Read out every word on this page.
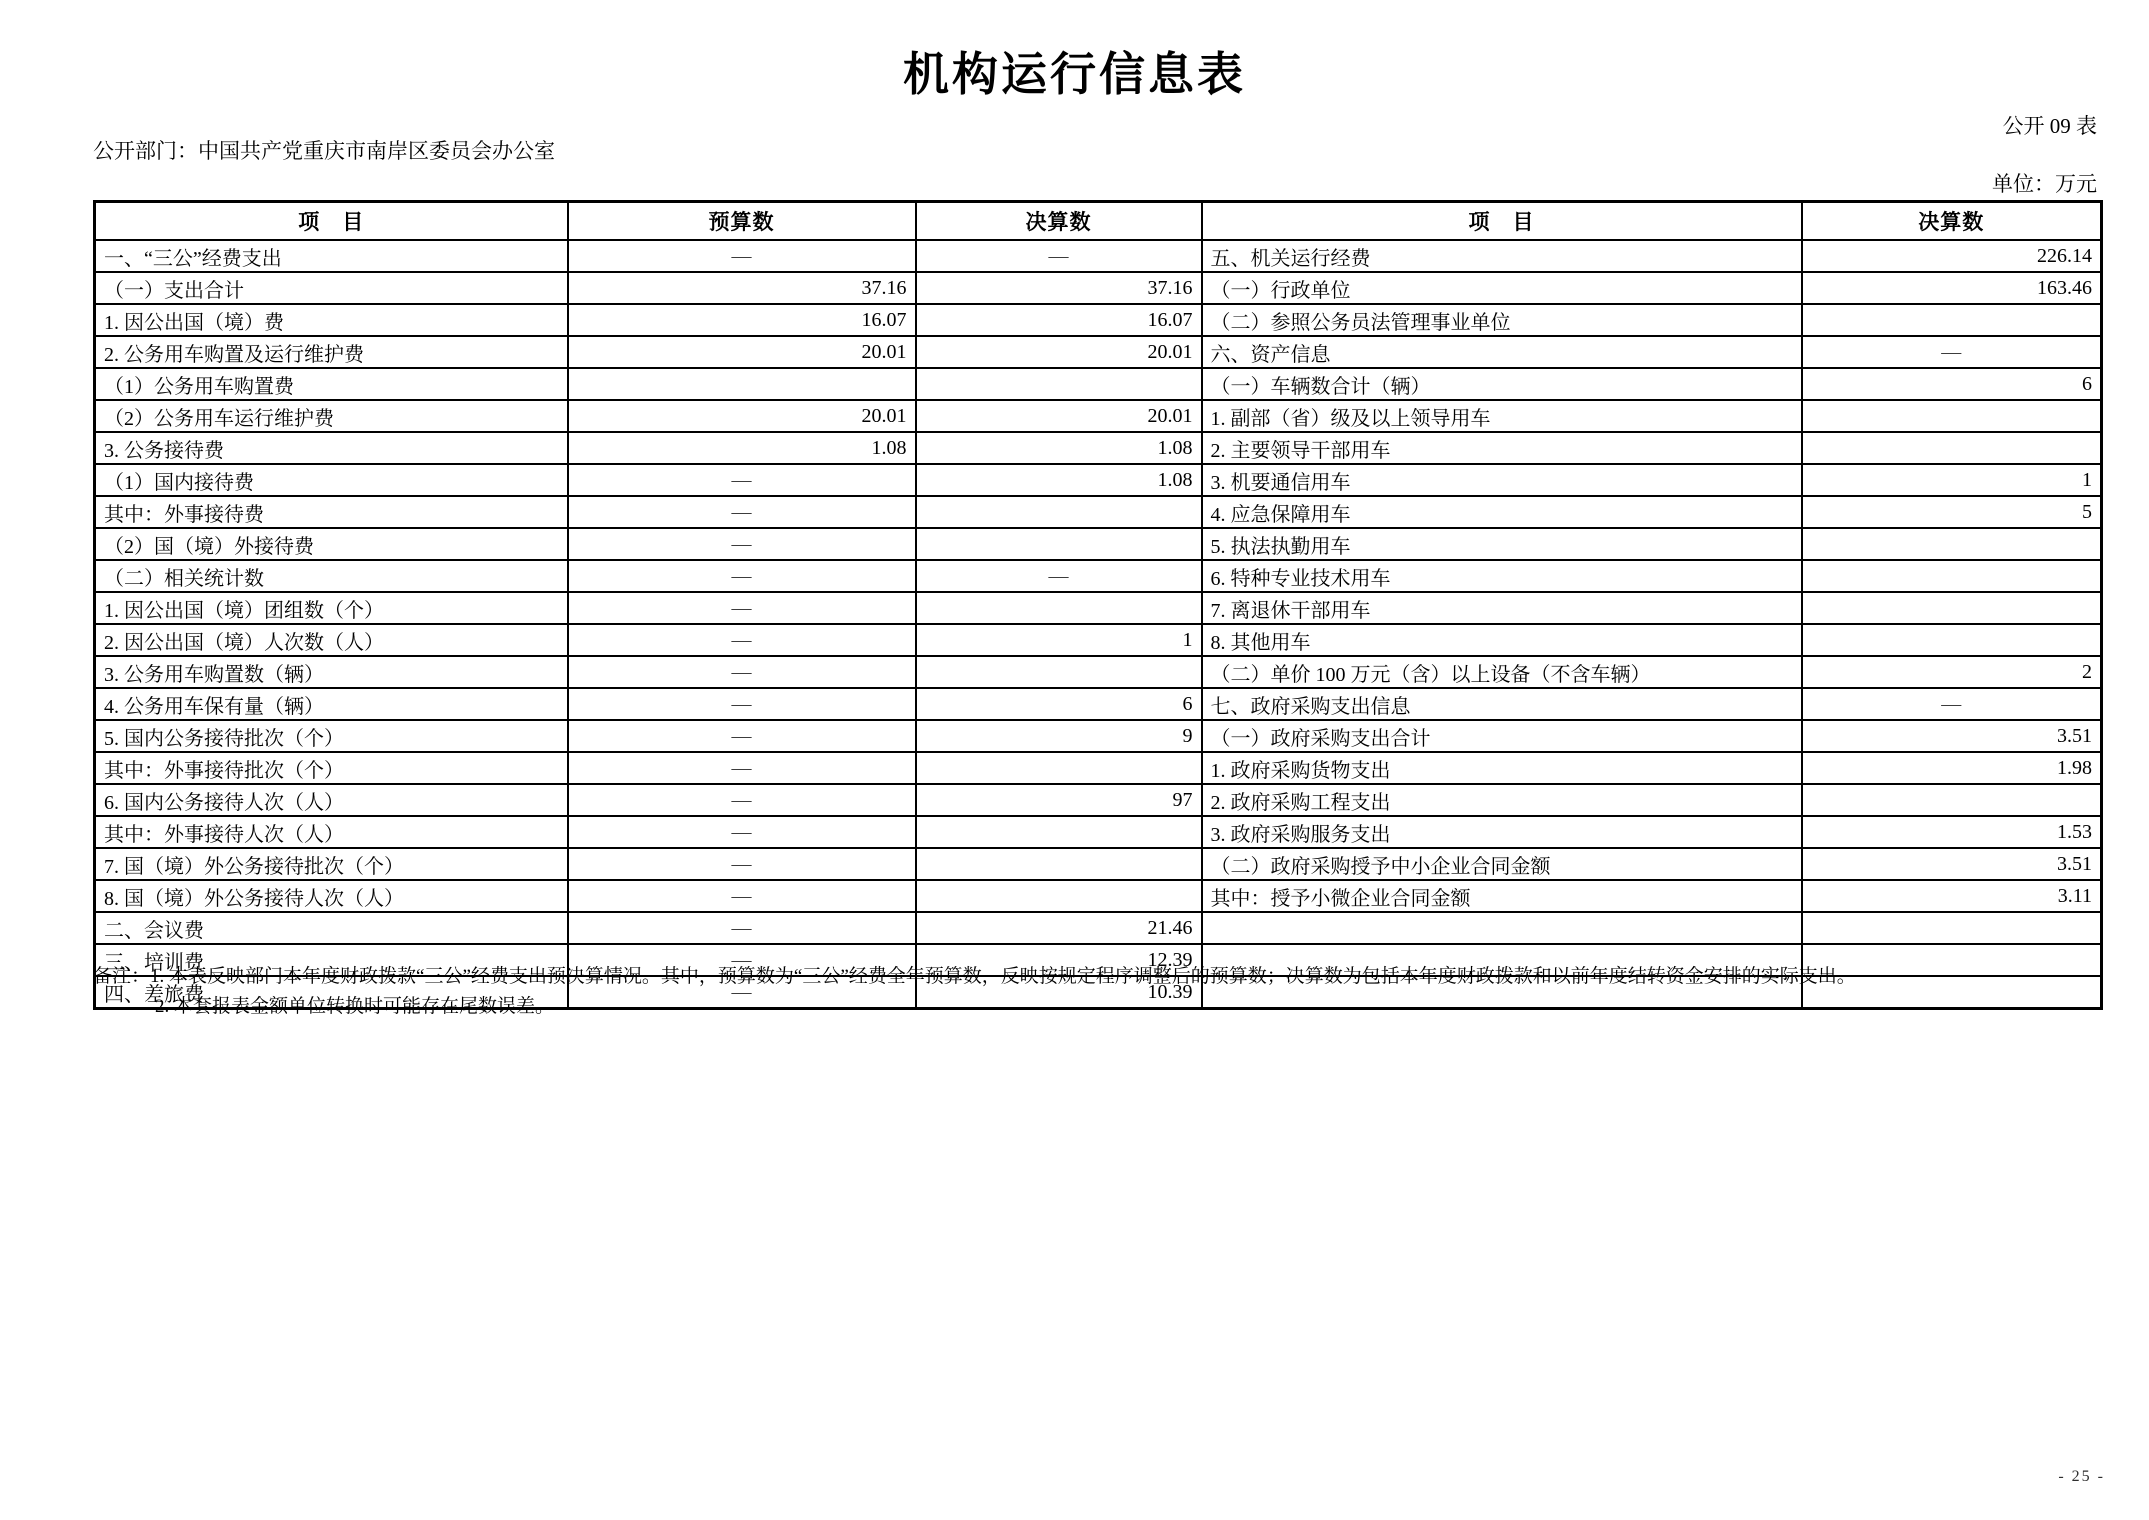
机构运行信息表
公开 09 表
公开部门：中国共产党重庆市南岸区委员会办公室
单位：万元
项　目	预算数	决算数	项　目	决算数
一、“三公”经费支出	—	—	五、机关运行经费	226.14
（一）支出合计	37.16	37.16	（一）行政单位	163.46
1. 因公出国（境）费	16.07	16.07	（二）参照公务员法管理事业单位	
2. 公务用车购置及运行维护费	20.01	20.01	六、资产信息	—
（1）公务用车购置费			（一）车辆数合计（辆）	6
（2）公务用车运行维护费	20.01	20.01	1. 副部（省）级及以上领导用车	
3. 公务接待费	1.08	1.08	2. 主要领导干部用车	
（1）国内接待费	—	1.08	3. 机要通信用车	1
其中：外事接待费	—		4. 应急保障用车	5
（2）国（境）外接待费	—		5. 执法执勤用车	
（二）相关统计数	—	—	6. 特种专业技术用车	
1. 因公出国（境）团组数（个）	—		7. 离退休干部用车	
2. 因公出国（境）人次数（人）	—	1	8. 其他用车	
3. 公务用车购置数（辆）	—		（二）单价 100 万元（含）以上设备（不含车辆）	2
4. 公务用车保有量（辆）	—	6	七、政府采购支出信息	—
5. 国内公务接待批次（个）	—	9	（一）政府采购支出合计	3.51
其中：外事接待批次（个）	—		1. 政府采购货物支出	1.98
6. 国内公务接待人次（人）	—	97	2. 政府采购工程支出	
其中：外事接待人次（人）	—		3. 政府采购服务支出	1.53
7. 国（境）外公务接待批次（个）	—		（二）政府采购授予中小企业合同金额	3.51
8. 国（境）外公务接待人次（人）	—		其中：授予小微企业合同金额	3.11
二、会议费	—	21.46		
三、培训费	—	12.39		
四、差旅费	—	10.39		
备注：1. 本表反映部门本年度财政拨款“三公”经费支出预决算情况。其中，预算数为“三公”经费全年预算数，反映按规定程序调整后的预算数；决算数为包括本年度财政拨款和以前年度结转资金安排的实际支出。
2. 本套报表金额单位转换时可能存在尾数误差。
- 25 -
